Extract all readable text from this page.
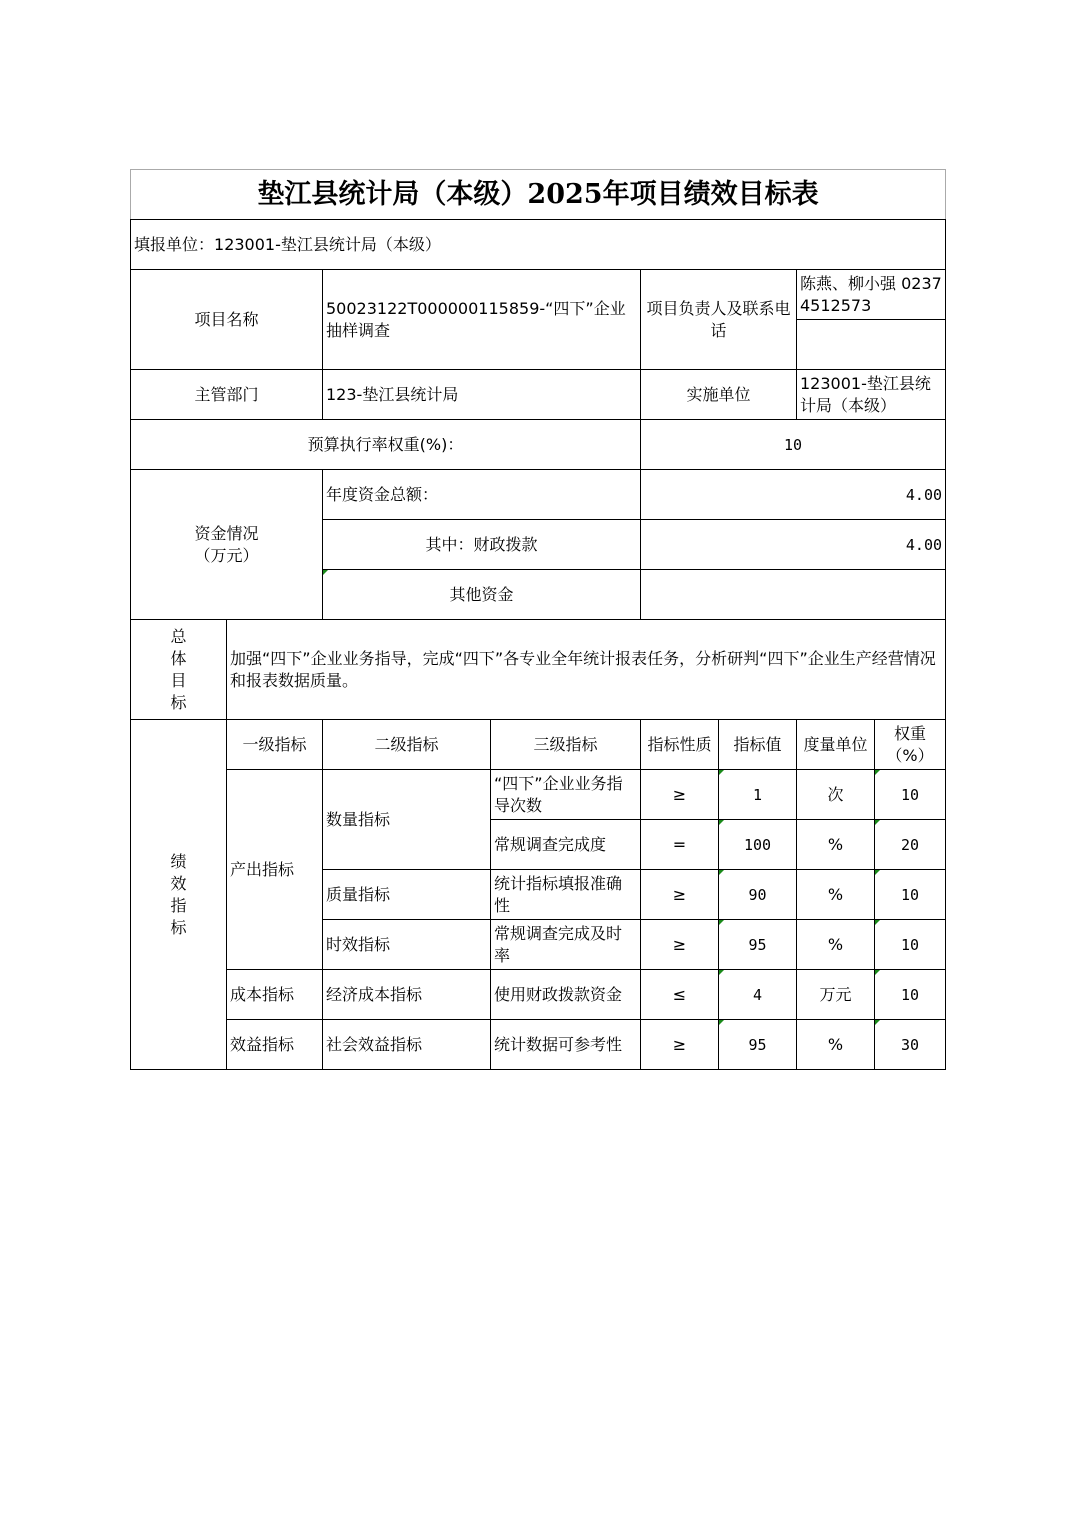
垫江县统计局（本级）2025年项目绩效目标表							
填报单位：123001-垫江县统计局（本级）							
项目名称		50023122T000000115859-“四下”企业抽样调查		项目负责人及联系电话		陈燕、柳小强 02374512573	

主管部门		123-垫江县统计局		实施单位		123001-垫江县统计局（本级）	
预算执行率权重(%)：				10			

资金情况（万元）		年度资金总额：		4.00			
		其中：财政拨款		4.00			
		其他资金					

总体目标	加强“四下”企业业务指导，完成“四下”各专业全年统计报表任务，分析研判“四下”企业生产经营情况和报表数据质量。						

绩效指标	一级指标	二级指标	三级指标	指标性质	指标值	度量单位	权重（%）
	产出指标	数量指标	“四下”企业业务指导次数	≥	1	次	10
			常规调查完成度	=	100	%	20
		质量指标	统计指标填报准确性	≥	90	%	10
		时效指标	常规调查完成及时率	≥	95	%	10
	成本指标	经济成本指标	使用财政拨款资金	≤	4	万元	10
	效益指标	社会效益指标	统计数据可参考性	≥	95	%	30
